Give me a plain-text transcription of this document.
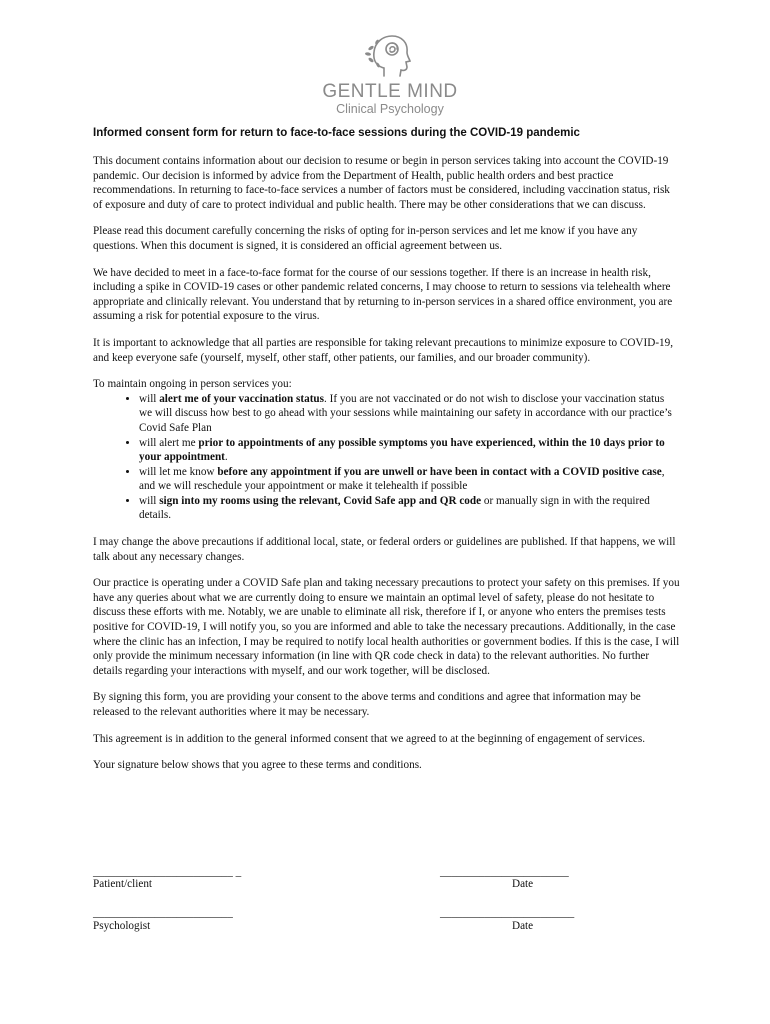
GENTLE MIND
Clinical Psychology
Informed consent form for return to face-to-face sessions during the COVID-19 pandemic

This document contains information about our decision to resume or begin in person services taking into account the COVID-19 pandemic. Our decision is informed by advice from the Department of Health, public health orders and best practice recommendations. In returning to face-to-face services a number of factors must be considered, including vaccination status, risk of exposure and duty of care to protect individual and public health. There may be other considerations that we can discuss.

Please read this document carefully concerning the risks of opting for in-person services and let me know if you have any questions. When this document is signed, it is considered an official agreement between us.

We have decided to meet in a face-to-face format for the course of our sessions together. If there is an increase in health risk, including a spike in COVID-19 cases or other pandemic related concerns, I may choose to return to sessions via telehealth where appropriate and clinically relevant. You understand that by returning to in-person services in a shared office environment, you are assuming a risk for potential exposure to the virus.

It is important to acknowledge that all parties are responsible for taking relevant precautions to minimize exposure to COVID-19, and keep everyone safe (yourself, myself, other staff, other patients, our families, and our broader community).

To maintain ongoing in person services you:
• will alert me of your vaccination status. If you are not vaccinated or do not wish to disclose your vaccination status we will discuss how best to go ahead with your sessions while maintaining our safety in accordance with our practice’s Covid Safe Plan
• will alert me prior to appointments of any possible symptoms you have experienced, within the 10 days prior to your appointment.
• will let me know before any appointment if you are unwell or have been in contact with a COVID positive case, and we will reschedule your appointment or make it telehealth if possible
• will sign into my rooms using the relevant, Covid Safe app and QR code or manually sign in with the required details.

I may change the above precautions if additional local, state, or federal orders or guidelines are published. If that happens, we will talk about any necessary changes.

Our practice is operating under a COVID Safe plan and taking necessary precautions to protect your safety on this premises. If you have any queries about what we are currently doing to ensure we maintain an optimal level of safety, please do not hesitate to discuss these efforts with me. Notably, we are unable to eliminate all risk, therefore if I, or anyone who enters the premises tests positive for COVID-19, I will notify you, so you are informed and able to take the necessary precautions. Additionally, in the case where the clinic has an infection, I may be required to notify local health authorities or government bodies. If this is the case, I will only provide the minimum necessary information (in line with QR code check in data) to the relevant authorities. No further details regarding your interactions with myself, and our work together, will be disclosed.

By signing this form, you are providing your consent to the above terms and conditions and agree that information may be released to the relevant authorities where it may be necessary.

This agreement is in addition to the general informed consent that we agreed to at the beginning of engagement of services.

Your signature below shows that you agree to these terms and conditions.

_________________________ _
Patient/client
_______________________
Date
_________________________
Psychologist
________________________
Date
